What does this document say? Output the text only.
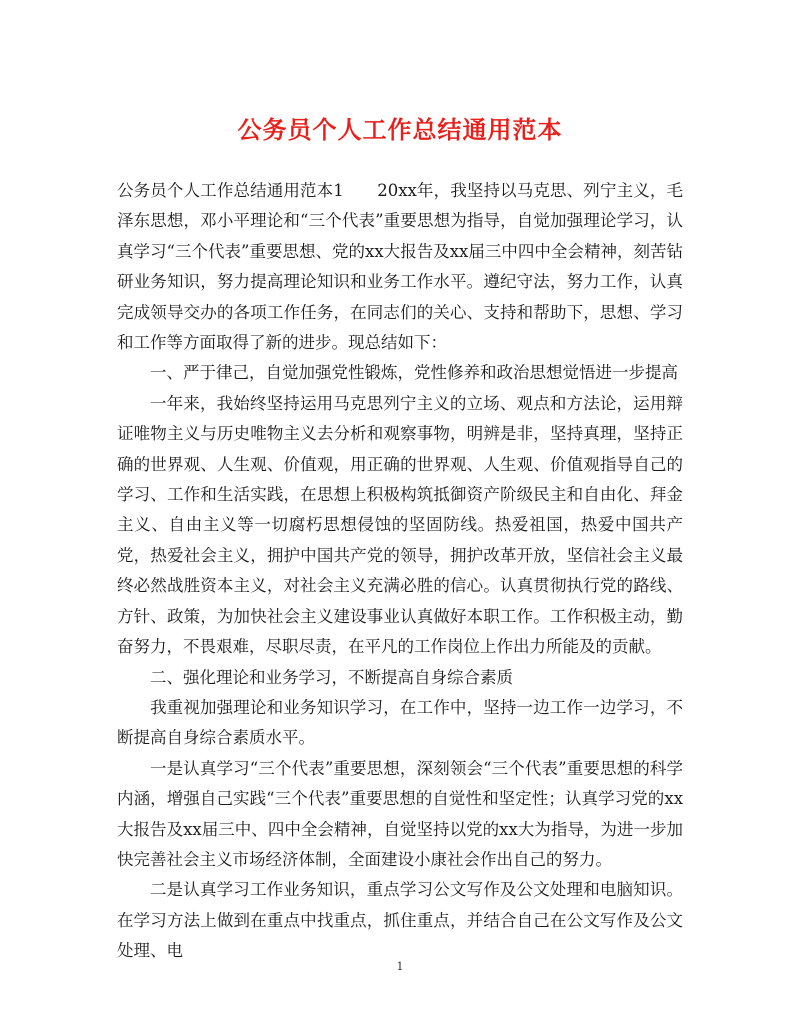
公务员个人工作总结通用范本

公务员个人工作总结通用范本1　　20xx年，我坚持以马克思、列宁主义，毛泽东思想，邓小平理论和“三个代表”重要思想为指导，自觉加强理论学习，认真学习“三个代表”重要思想、党的xx大报告及xx届三中四中全会精神，刻苦钻研业务知识，努力提高理论知识和业务工作水平。遵纪守法，努力工作，认真完成领导交办的各项工作任务，在同志们的关心、支持和帮助下，思想、学习和工作等方面取得了新的进步。现总结如下：

一、严于律己，自觉加强党性锻炼，党性修养和政治思想觉悟进一步提高

一年来，我始终坚持运用马克思列宁主义的立场、观点和方法论，运用辩证唯物主义与历史唯物主义去分析和观察事物，明辨是非，坚持真理，坚持正确的世界观、人生观、价值观，用正确的世界观、人生观、价值观指导自己的学习、工作和生活实践，在思想上积极构筑抵御资产阶级民主和自由化、拜金主义、自由主义等一切腐朽思想侵蚀的坚固防线。热爱祖国，热爱中国共产党，热爱社会主义，拥护中国共产党的领导，拥护改革开放，坚信社会主义最终必然战胜资本主义，对社会主义充满必胜的信心。认真贯彻执行党的路线、方针、政策，为加快社会主义建设事业认真做好本职工作。工作积极主动，勤奋努力，不畏艰难，尽职尽责，在平凡的工作岗位上作出力所能及的贡献。

二、强化理论和业务学习，不断提高自身综合素质

我重视加强理论和业务知识学习，在工作中，坚持一边工作一边学习，不断提高自身综合素质水平。

一是认真学习“三个代表”重要思想，深刻领会“三个代表”重要思想的科学内涵，增强自己实践“三个代表”重要思想的自觉性和坚定性；认真学习党的xx大报告及xx届三中、四中全会精神，自觉坚持以党的xx大为指导，为进一步加快完善社会主义市场经济体制，全面建设小康社会作出自己的努力。

二是认真学习工作业务知识，重点学习公文写作及公文处理和电脑知识。在学习方法上做到在重点中找重点，抓住重点，并结合自己在公文写作及公文处理、电

1
